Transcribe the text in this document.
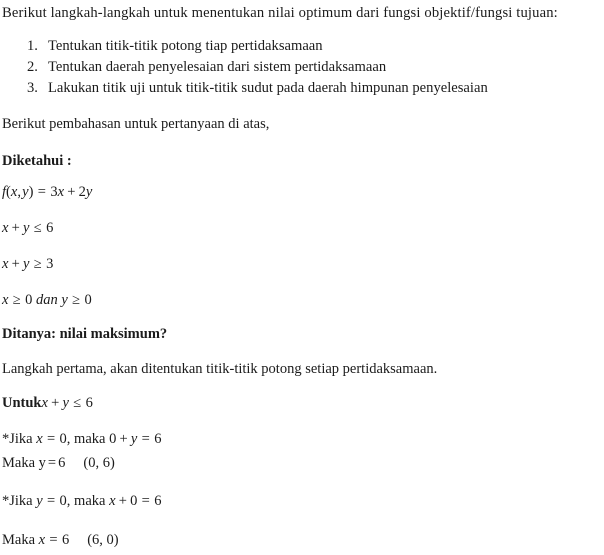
Berikut langkah-langkah untuk menentukan nilai optimum dari fungsi objektif/fungsi tujuan:
1. Tentukan titik-titik potong tiap pertidaksamaan
2. Tentukan daerah penyelesaian dari sistem pertidaksamaan
3. Lakukan titik uji untuk titik-titik sudut pada daerah himpunan penyelesaian
Berikut pembahasan untuk pertanyaan di atas,
Diketahui :
f(x, y) = 3x + 2y
x + y ≤ 6
x + y ≥ 3
x ≥ 0 dan y ≥ 0
Ditanya: nilai maksimum?
Langkah pertama, akan ditentukan titik-titik potong setiap pertidaksamaan.
Untukx + y ≤ 6
*Jika x = 0, maka 0 + y = 6
Maka y = 6 (0, 6)
*Jika y = 0, maka x + 0 = 6
Maka x = 6 (6, 0)
